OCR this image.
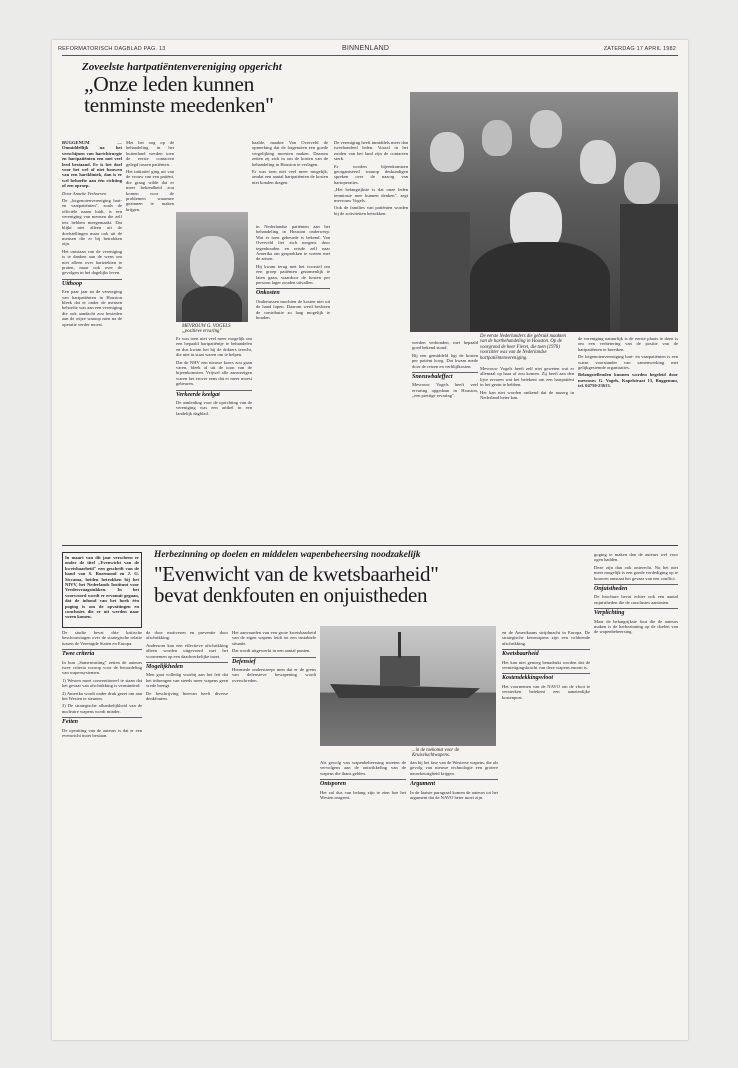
REFORMATORISCH DAGBLAD PAG. 13	BINNENLAND	ZATERDAG 17 APRIL 1982
Zoveelste hartpatiëntenvereniging opgericht
„Onze leden kunnen
tenminste meedenken"
De eerste Nederlanders die gebruik maakten van de hartbehandeling in Houston. Op de voorgrond de heer Fieret, die toen (1976) voorzitter was van de Nederlandse hartpatiëntenvereniging.
MEVROUW G. VOGELS
„positieve ervaring"

BUGGENUM — Onmiddellijk na het verschijnen van hartchirurgie en hartpatiënten een met veel leed bestaand. Er is het doel voor het wel of niet bouwen van een hartkliniek, dan is er wel behoefte aan één richting of een oproep.

Door Anneke Verhoeven

De „lotgenotenvereniging hart- en vaatpatiënten", zoals de officiële naam luidt, is een vereniging van mensen die zelf iets hebben meegemaakt. Dat blijkt niet alleen uit de doelstellingen maar ook uit de mensen die er bij betrokken zijn.

Het ontstaan van de vereniging is te danken aan de wens om niet alleen over hartziekten te praten, maar ook over de gevolgen in het dagelijks leven.

Uithoop

Een paar jaar na de verzorging van hartpatiënten in Houston bleek dat er onder de mensen behoefte was aan een vereniging die ook aandacht zou besteden aan de wijze waarop men na de operatie verder moest.

Met het oog op de behandeling in het buitenland werden toen de eerste contacten gelegd tussen patiënten.

Het initiatief ging uit van de vrouw van een patiënt, die graag wilde dat er meer bekendheid zou komen voor de problemen waarmee gezinnen te maken krijgen.

haalde, maakte Van Overveld de opmerking dat de lotgenoten een goede vergelijking moesten maken. Daarom zetten zij zich in om de kosten van de behandeling in Houston te verlagen.

Er was toen niet veel meer mogelijk, omdat een aantal hartpatiënten de kosten niet konden dragen.

Er was toen niet veel meer mogelijk om een bepaald hartpatiëntje te behandelen en dus kwam het bij de dokters terecht, die niet in staat waren om te helpen.

Dat de NHV een nieuwe koers zou gaan varen, bleek al uit de toon van de bijeenkomsten. Vrijwel alle aanwezigen waren het erover eens dat er meer moest gebeuren.

Verkeerde keelgat

De aanleiding voor de oprichting van de vereniging was een artikel in een landelijk dagblad.

in Nederlandse patiënten aan het behandeling in Houston onderwerp. Wat er toen gebeurde is bekend. Van Overveld liet zich nergens door tegenhouden en reisde zelf naar Amerika om gesprekken te voeren met de artsen.

Hij kwam terug met het voorstel om een groep patiënten gezamenlijk te laten gaan, waardoor de kosten per persoon lager zouden uitvallen.

Onkosten

Ondertussen mochten de kosten niet uit de hand lopen. Daarom werd besloten de contributie zo laag mogelijk te houden.

De vereniging heeft inmiddels meer dan tweehonderd leden. Vooral in het zuiden van het land zijn de contacten sterk.

Er worden bijeenkomsten georganiseerd waarop deskundigen spreken over de nazorg van hartoperaties.

„Het belangrijkste is dat onze leden tenminste mee kunnen denken", zegt mevrouw Vogels.

Ook de families van patiënten worden bij de activiteiten betrokken.

werden verbonden, met bepaald goed bekend stond.

Bij een gemiddeld ligt de kosten per patiënt hoog. Dat kwam mede door de reizen en verblijfkosten.

Sneeuwbaleffect

Mevrouw Vogels heeft veel ervaring opgedaan in Houston, „een prettige ervaring".

Mevrouw Vogels heeft zelf niet geweten wat er allemaal op haar af zou komen. Zij heeft aan den lijve ervaren wat het betekent om een hartpatiënt in het gezin te hebben.

Het kan niet worden ontkend dat de nazorg in Nederland beter kan.

de vereniging natuurlijk is de eerste plaats te doen is om een verbetering van de positie van de hartpatiënten te bereiken.

De lotgenotenvereniging hart- en vaatpatiënten is een warm voorstander van samenwerking met gelijkgestemde organisaties.

Belangstellenden kunnen worden begeleid door mevrouw G. Vogels, Kapelstraat 13, Buggenum, tel. 04750-23613.

In maart van dit jaar verscheen er onder de titel „Evenwicht van de kwetsbaarheid" een geschrift van de hand van S. Rozemond en J. G. Siccama, beiden betrokken bij het NIVV, het Nederlands Instituut voor Vredesvraagstukken. In het voorwoord wordt er ervanuit gegaan, dat de inhoud van het boek één poging is om de opvattingen en conclusies die er uit werden naar voren komen.

Herbezinning op doelen en middelen wapenbeheersing noodzakelijk
"Evenwicht van de kwetsbaarheid"
bevat denkfouten en onjuistheden
...in de toekomst voor de Kruisvluchtwapens.

De studie bevat drie kritische beschouwingen over de strategische relatie tussen de Verenigde Staten en Europa.

Twee criteria

In hun „Samenvatting" zetten de auteurs twee criteria voorop voor de beoordeling van wapensystemen.

1) Westen moet conventioneel te staan dat het gevaar van afschrikking is verminderd.

2) Amerika wordt onder druk gezet om aan het Westen te steunen.

3) De strategische afhankelijkheid van de nucleaire wapens wordt minder.

Feiten

De opvatting van de auteurs is dat er een evenwicht moet bestaan.

de door motiveren en preventie door afschrikking.

Andersom kan een effectieve afschrikking alleen worden uitgevoerd met het voornemen op een daadwerkelijke inzet.

Mogelijkheden

Men gaat volledig voorbij aan het feit dat het inbrengen van steeds meer wapens geen vrede brengt.

De beschrijving hiervan heeft diverse denkfouten.

Het aanvaarden van een grote kwetsbaarheid van de eigen wapens leidt tot een instabiele situatie.

Dat wordt uitgewerkt in een aantal punten.

Defensief

Hiermede onderstreept men dat er de grens van defensieve bewapening wordt overschreden.

Als gevolg van wapenbeheersing moeten de vervolgens aan de ontwikkeling van de wapens die thans gelden.

Ontsporen

Het zal dus van belang zijn te zien hoe het Westen reageert.

dan bij het fase van de Westerse wapens, die als gevolg van nieuwe technologie een grotere nauwkeurigheid krijgen.

Argument

In de laatste paragraaf komen de auteurs tot het argument dat de NAVO beter moet zijn.

en de Amerikaans strijdmacht in Europa. De strategische kernwapens zijn een voldoende afschrikking.

Kwetsbaarheid

Het kan niet genoeg benadrukt worden dat de vernietigingskracht van deze wapens enorm is.

Kostendekkingsvloot

Het voornemen van de NAVO om de vloot te versterken betekent een aanzienlijke kostenpost.

goging te maken dan de auteurs wel voor ogen hadden.

Deze zijn dan ook onterecht. Nu het niet meer mogelijk is een goede verdediging op te bouwen ontstaat het gevaar van een conflict.

Onjuistheden

De brochure bevat echter ook een aantal onjuistheden die de conclusies aantasten.

Verplichting

Maar de belangrijkste fout die de auteurs maken is de herbezinning op de doelen van de wapenbeheersing.
